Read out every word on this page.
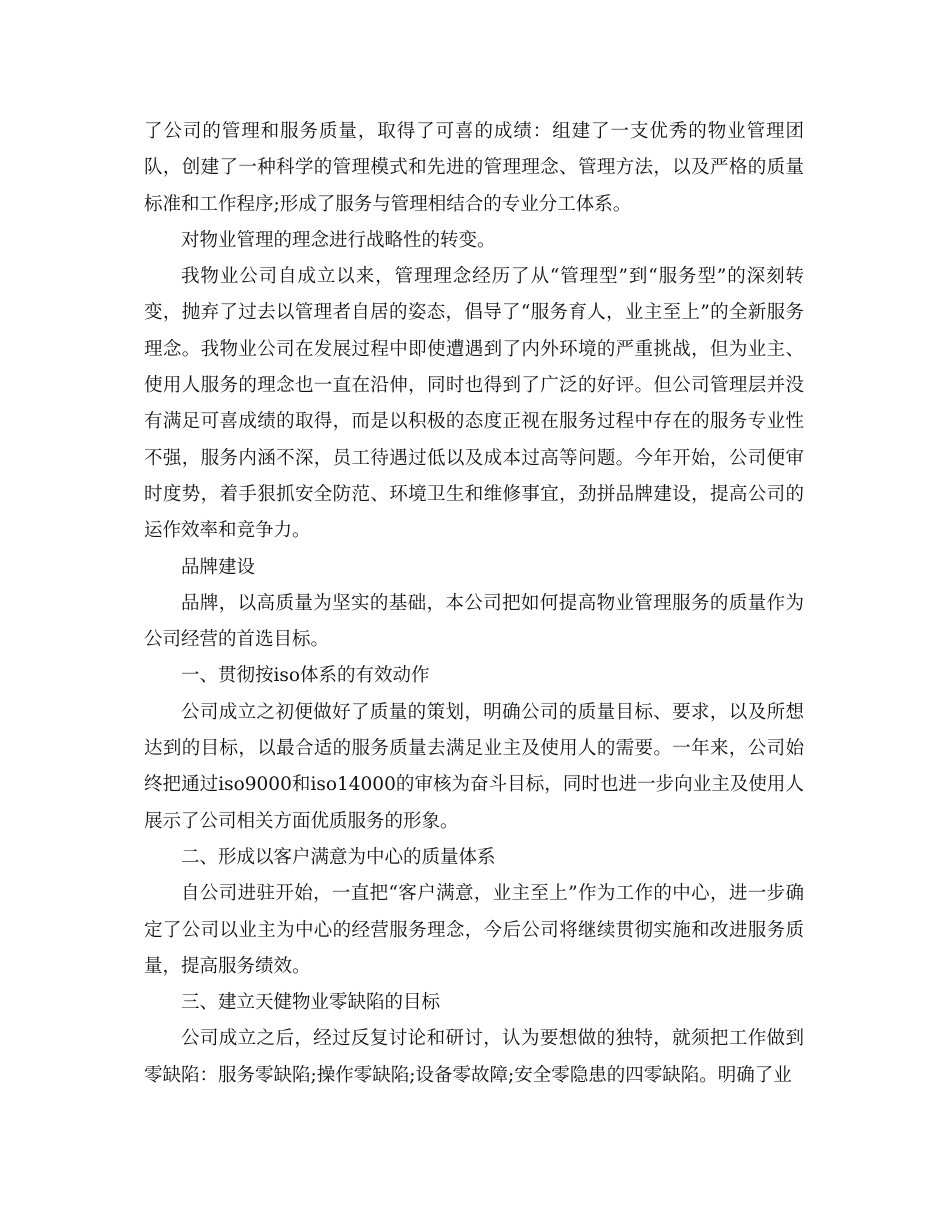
了公司的管理和服务质量，取得了可喜的成绩：组建了一支优秀的物业管理团队，创建了一种科学的管理模式和先进的管理理念、管理方法，以及严格的质量标准和工作程序;形成了服务与管理相结合的专业分工体系。

对物业管理的理念进行战略性的转变。

我物业公司自成立以来，管理理念经历了从“管理型”到“服务型”的深刻转变，抛弃了过去以管理者自居的姿态，倡导了“服务育人，业主至上”的全新服务理念。我物业公司在发展过程中即使遭遇到了内外环境的严重挑战，但为业主、使用人服务的理念也一直在沿伸，同时也得到了广泛的好评。但公司管理层并没有满足可喜成绩的取得，而是以积极的态度正视在服务过程中存在的服务专业性不强，服务内涵不深，员工待遇过低以及成本过高等问题。今年开始，公司便审时度势，着手狠抓安全防范、环境卫生和维修事宜，劲拼品牌建设，提高公司的运作效率和竞争力。

品牌建设

品牌，以高质量为坚实的基础，本公司把如何提高物业管理服务的质量作为公司经营的首选目标。

一、贯彻按iso体系的有效动作

公司成立之初便做好了质量的策划，明确公司的质量目标、要求，以及所想达到的目标，以最合适的服务质量去满足业主及使用人的需要。一年来，公司始终把通过iso9000和iso14000的审核为奋斗目标，同时也进一步向业主及使用人展示了公司相关方面优质服务的形象。

二、形成以客户满意为中心的质量体系

自公司进驻开始，一直把“客户满意，业主至上”作为工作的中心，进一步确定了公司以业主为中心的经营服务理念，今后公司将继续贯彻实施和改进服务质量，提高服务绩效。

三、建立天健物业零缺陷的目标

公司成立之后，经过反复讨论和研讨，认为要想做的独特，就须把工作做到零缺陷：服务零缺陷;操作零缺陷;设备零故障;安全零隐患的四零缺陷。明确了业
